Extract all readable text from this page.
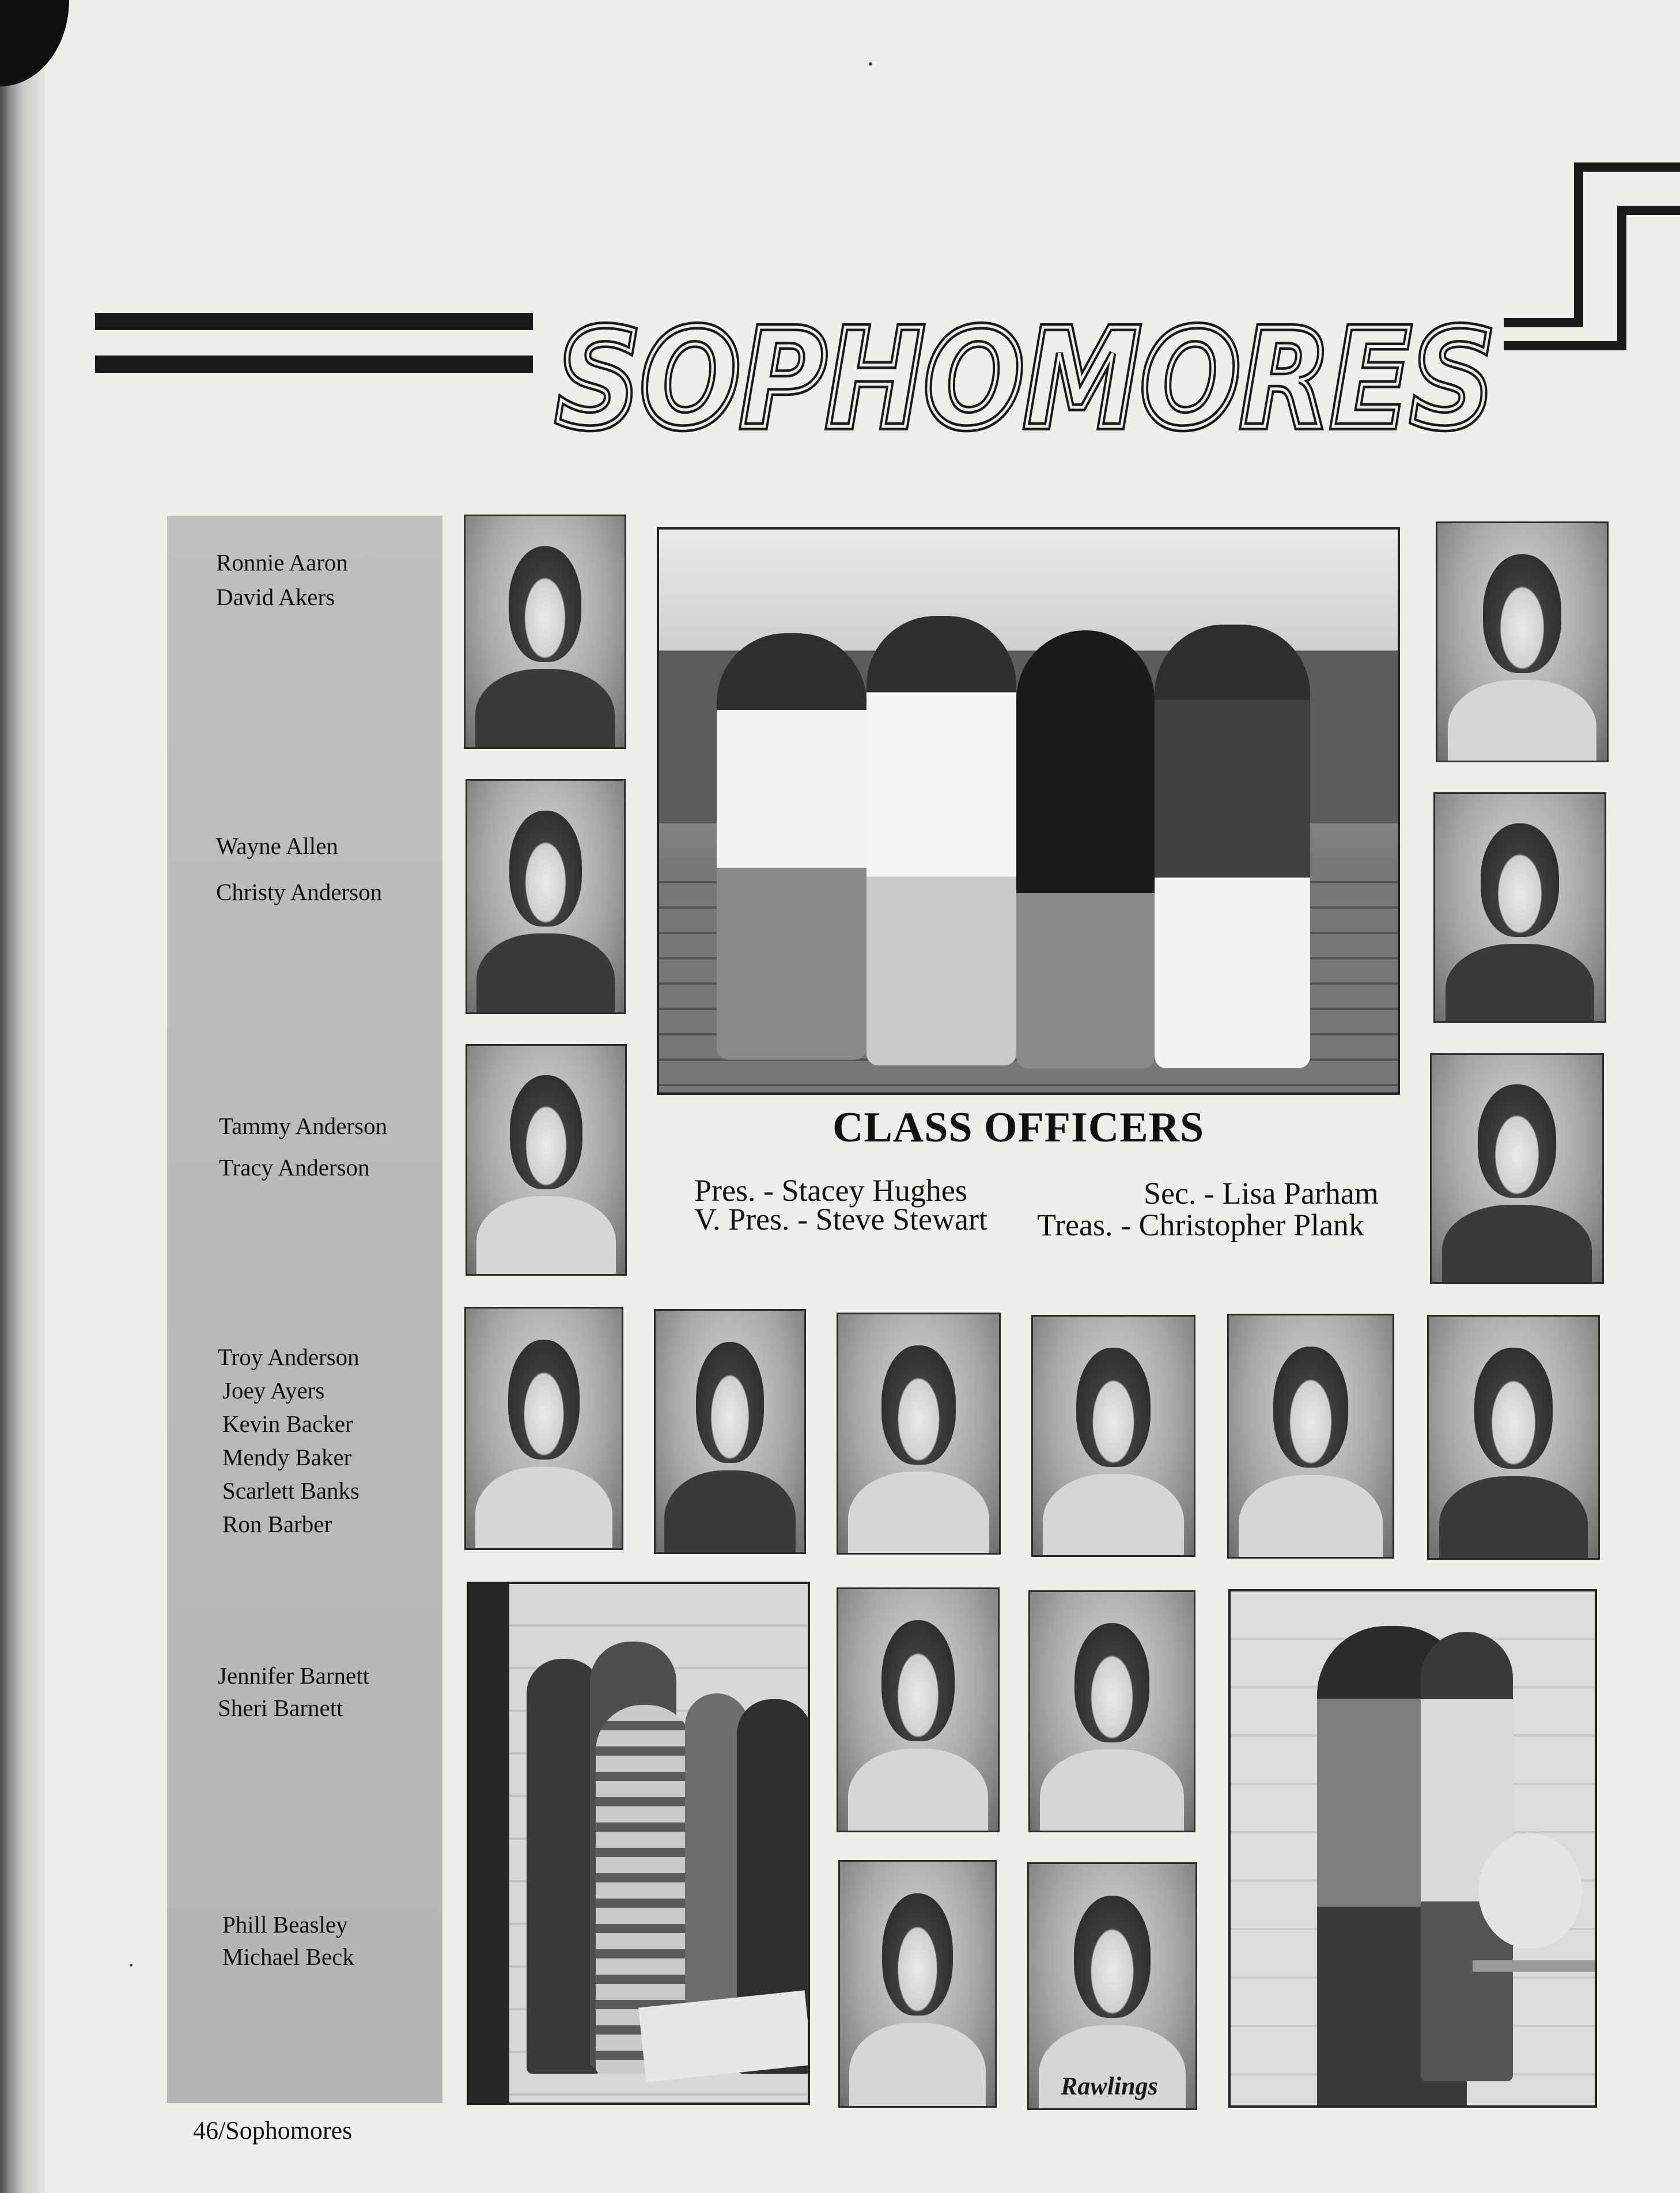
SOPHOMORES
SOPHOMORES
Ronnie Aaron
David Akers
Wayne Allen
Christy Anderson
Tammy Anderson
Tracy Anderson
Troy Anderson
Joey Ayers
Kevin Backer
Mendy Baker
Scarlett Banks
Ron Barber
Jennifer Barnett
Sheri Barnett
Phill Beasley
Michael Beck
CLASS OFFICERS
Pres. - Stacey Hughes
V. Pres. - Steve Stewart
Sec. - Lisa Parham
Treas. - Christopher Plank
Rawlings
46/Sophomores
